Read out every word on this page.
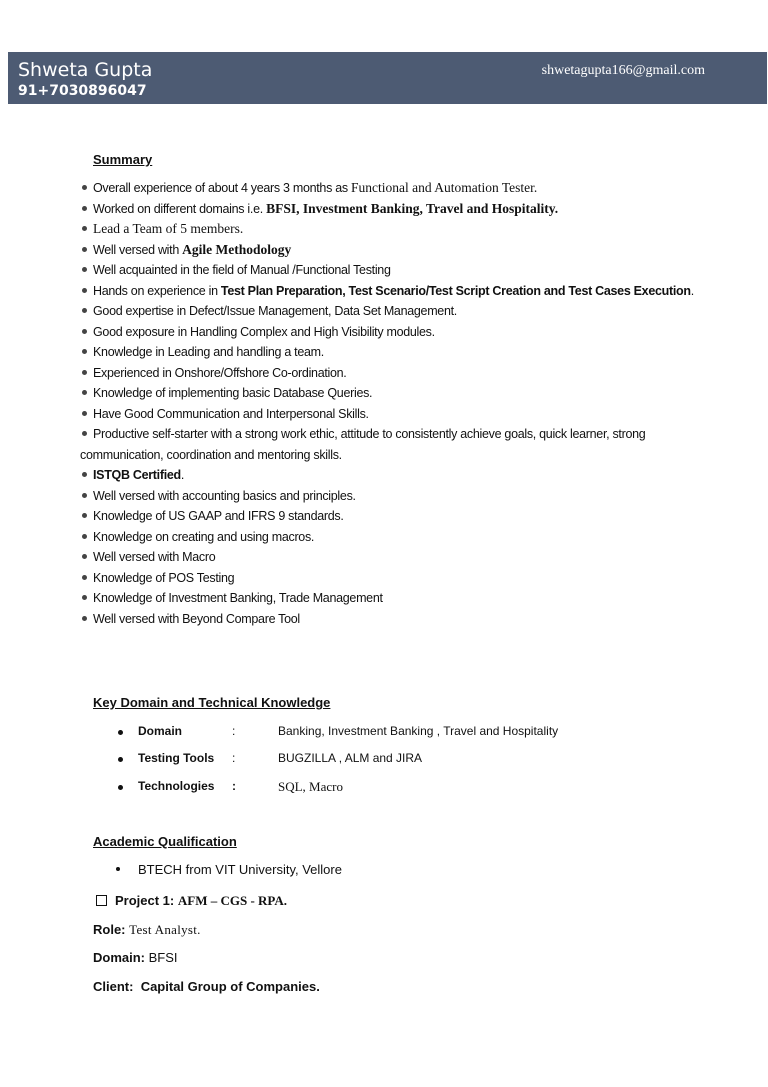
Shweta Gupta
91+7030896047
shwetagupta166@gmail.com
Summary
Overall experience of about 4 years 3 months as Functional and Automation Tester.
Worked on different domains i.e. BFSI, Investment Banking, Travel and Hospitality.
Lead a Team of 5 members.
Well versed with Agile Methodology
Well acquainted in the field of Manual /Functional Testing
Hands on experience in Test Plan Preparation, Test Scenario/Test Script Creation and Test Cases Execution.
Good expertise in Defect/Issue Management, Data Set Management.
Good exposure in Handling Complex and High Visibility modules.
Knowledge in Leading and handling a team.
Experienced in Onshore/Offshore Co-ordination.
Knowledge of implementing basic Database Queries.
Have Good Communication and Interpersonal Skills.
Productive self-starter with a strong work ethic, attitude to consistently achieve goals, quick learner, strong communication, coordination and mentoring skills.
ISTQB Certified.
Well versed with accounting basics and principles.
Knowledge of US GAAP and IFRS 9 standards.
Knowledge on creating and using macros.
Well versed with Macro
Knowledge of POS Testing
Knowledge of Investment Banking, Trade Management
Well versed with Beyond Compare Tool
Key Domain and Technical Knowledge
Domain	:	Banking, Investment Banking , Travel and Hospitality
Testing Tools :	BUGZILLA , ALM and JIRA
Technologies :	SQL, Macro
Academic Qualification
BTECH from VIT University, Vellore
Project 1: AFM – CGS - RPA.
Role: Test Analyst.
Domain: BFSI
Client: Capital Group of Companies.
